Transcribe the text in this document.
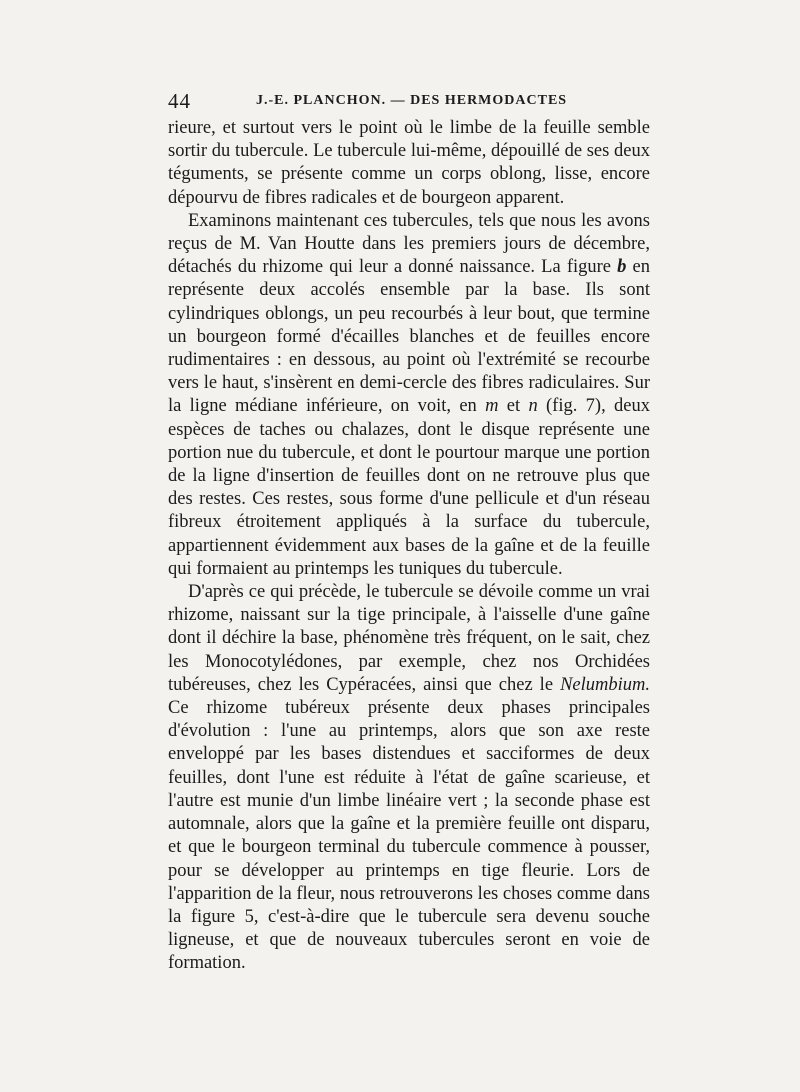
44	J.-E. PLANCHON. — DES HERMODACTES

rieure, et surtout vers le point où le limbe de la feuille semble sortir du tubercule. Le tubercule lui-même, dépouillé de ses deux téguments, se présente comme un corps oblong, lisse, encore dépourvu de fibres radicales et de bourgeon apparent.

Examinons maintenant ces tubercules, tels que nous les avons reçus de M. Van Houtte dans les premiers jours de décembre, détachés du rhizome qui leur a donné naissance. La figure b en représente deux accolés ensemble par la base. Ils sont cylindriques oblongs, un peu recourbés à leur bout, que termine un bourgeon formé d'écailles blanches et de feuilles encore rudimentaires : en dessous, au point où l'extrémité se recourbe vers le haut, s'insèrent en demi-cercle des fibres radiculaires. Sur la ligne médiane inférieure, on voit, en m et n (fig. 7), deux espèces de taches ou chalazes, dont le disque représente une portion nue du tubercule, et dont le pourtour marque une portion de la ligne d'insertion de feuilles dont on ne retrouve plus que des restes. Ces restes, sous forme d'une pellicule et d'un réseau fibreux étroitement appliqués à la surface du tubercule, appartiennent évidemment aux bases de la gaîne et de la feuille qui formaient au printemps les tuniques du tubercule.

D'après ce qui précède, le tubercule se dévoile comme un vrai rhizome, naissant sur la tige principale, à l'aisselle d'une gaîne dont il déchire la base, phénomène très fréquent, on le sait, chez les Monocotylédones, par exemple, chez nos Orchidées tubéreuses, chez les Cypéracées, ainsi que chez le Nelumbium. Ce rhizome tubéreux présente deux phases principales d'évolution : l'une au printemps, alors que son axe reste enveloppé par les bases distendues et sacciformes de deux feuilles, dont l'une est réduite à l'état de gaîne scarieuse, et l'autre est munie d'un limbe linéaire vert ; la seconde phase est automnale, alors que la gaîne et la première feuille ont disparu, et que le bourgeon terminal du tubercule commence à pousser, pour se développer au printemps en tige fleurie. Lors de l'apparition de la fleur, nous retrouverons les choses comme dans la figure 5, c'est-à-dire que le tubercule sera devenu souche ligneuse, et que de nouveaux tubercules seront en voie de formation.
